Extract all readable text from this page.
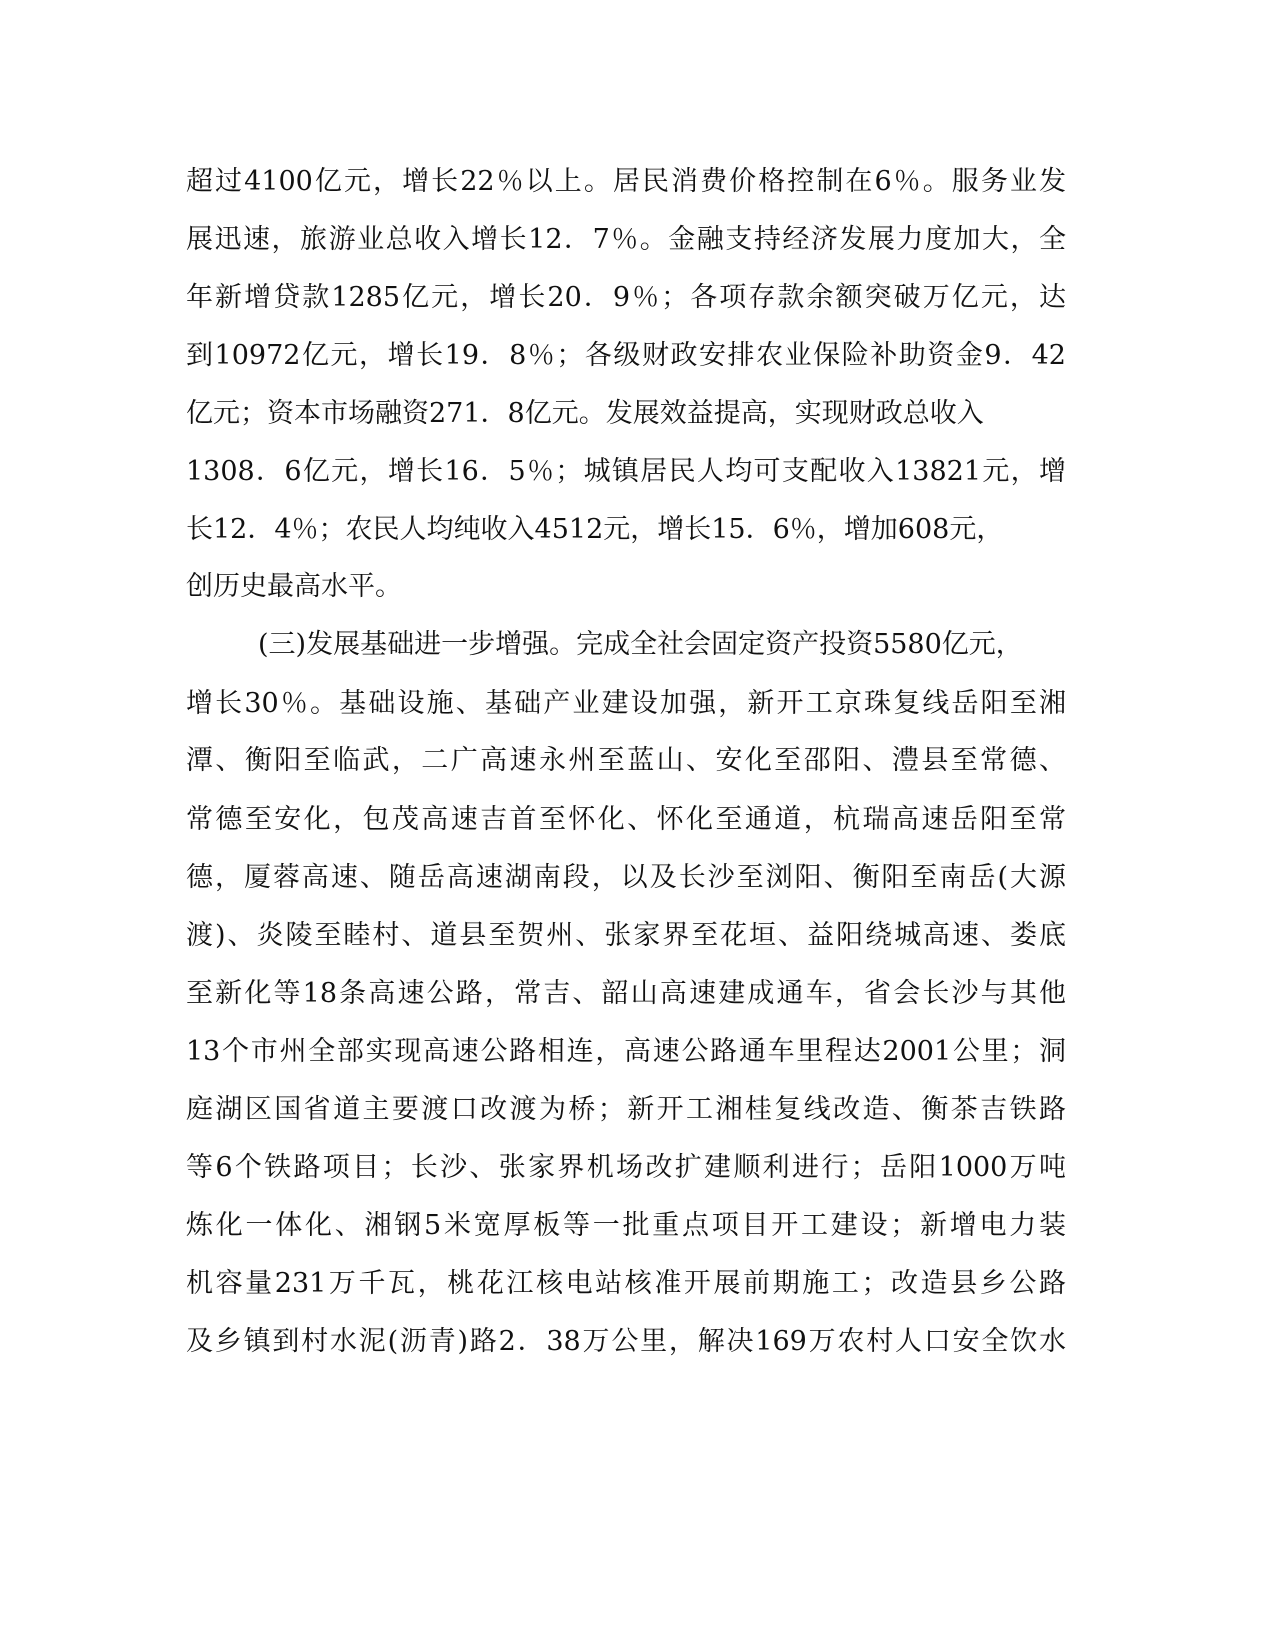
超过4100亿元，增长22％以上。居民消费价格控制在6％。服务业发
展迅速，旅游业总收入增长12．7％。金融支持经济发展力度加大，全
年新增贷款1285亿元，增长20．9％；各项存款余额突破万亿元，达
到10972亿元，增长19．8％；各级财政安排农业保险补助资金9．42
亿元；资本市场融资271．8亿元。发展效益提高，实现财政总收入
1308．6亿元，增长16．5％；城镇居民人均可支配收入13821元，增
长12．4％；农民人均纯收入4512元，增长15．6％，增加608元，
创历史最高水平。
(三)发展基础进一步增强。完成全社会固定资产投资5580亿元，
增长30％。基础设施、基础产业建设加强，新开工京珠复线岳阳至湘
潭、衡阳至临武，二广高速永州至蓝山、安化至邵阳、澧县至常德、
常德至安化，包茂高速吉首至怀化、怀化至通道，杭瑞高速岳阳至常
德，厦蓉高速、随岳高速湖南段，以及长沙至浏阳、衡阳至南岳(大源
渡)、炎陵至睦村、道县至贺州、张家界至花垣、益阳绕城高速、娄底
至新化等18条高速公路，常吉、韶山高速建成通车，省会长沙与其他
13个市州全部实现高速公路相连，高速公路通车里程达2001公里；洞
庭湖区国省道主要渡口改渡为桥；新开工湘桂复线改造、衡茶吉铁路
等6个铁路项目；长沙、张家界机场改扩建顺利进行；岳阳1000万吨
炼化一体化、湘钢5米宽厚板等一批重点项目开工建设；新增电力装
机容量231万千瓦，桃花江核电站核准开展前期施工；改造县乡公路
及乡镇到村水泥(沥青)路2．38万公里，解决169万农村人口安全饮水
